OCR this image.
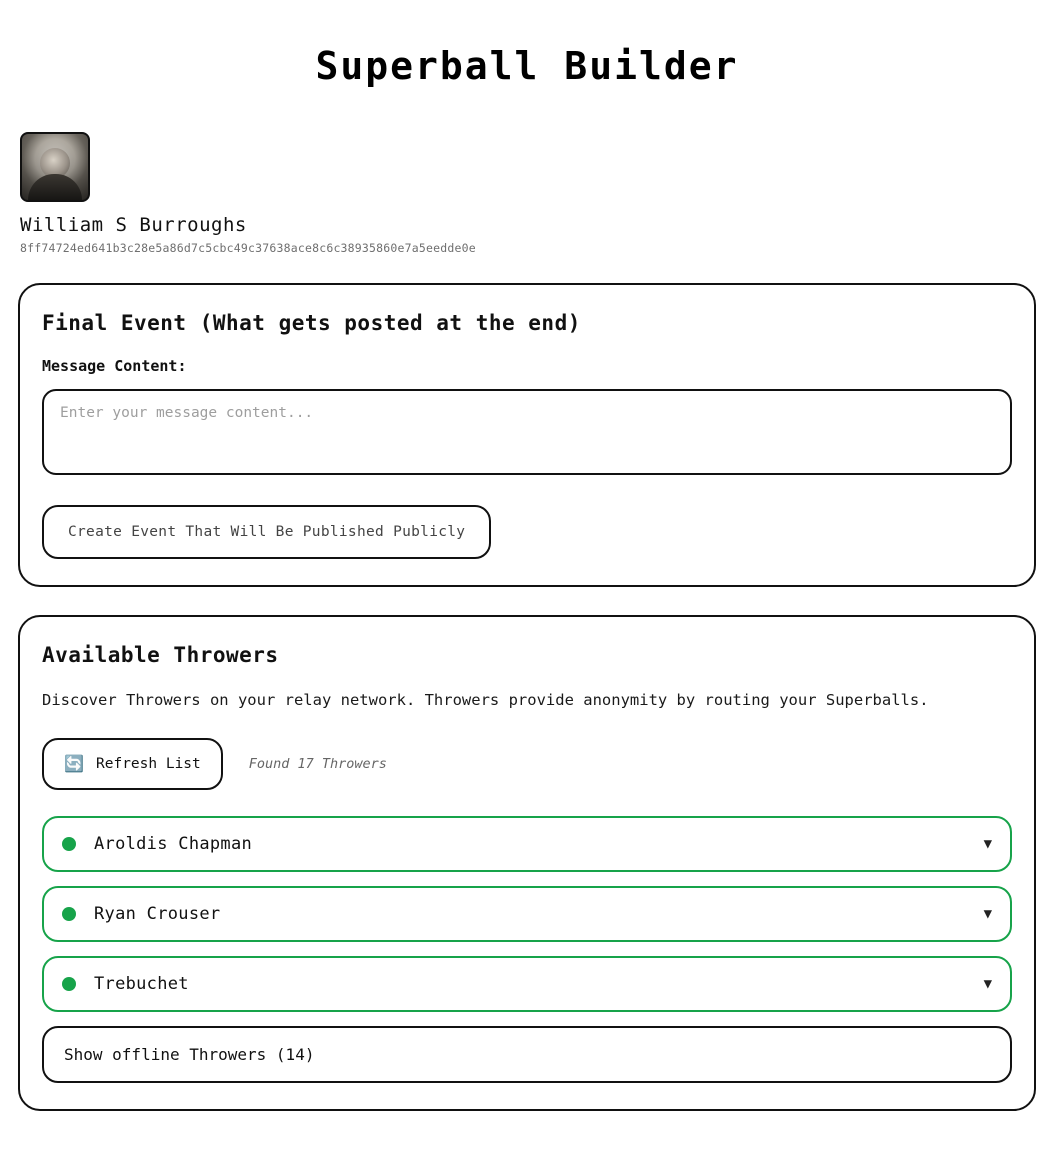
Superball Builder
William S Burroughs
8ff74724ed641b3c28e5a86d7c5cbc49c37638ace8c6c38935860e7a5eedde0e
Final Event (What gets posted at the end)
Message Content:
Enter your message content...
Create Event That Will Be Published Publicly
Available Throwers

Discover Throwers on your relay network. Throwers provide anonymity by routing your Superballs.

🔄 Refresh List	Found 17 Throwers
Aroldis Chapman	▼
Ryan Crouser	▼
Trebuchet	▼
Show offline Throwers (14)
